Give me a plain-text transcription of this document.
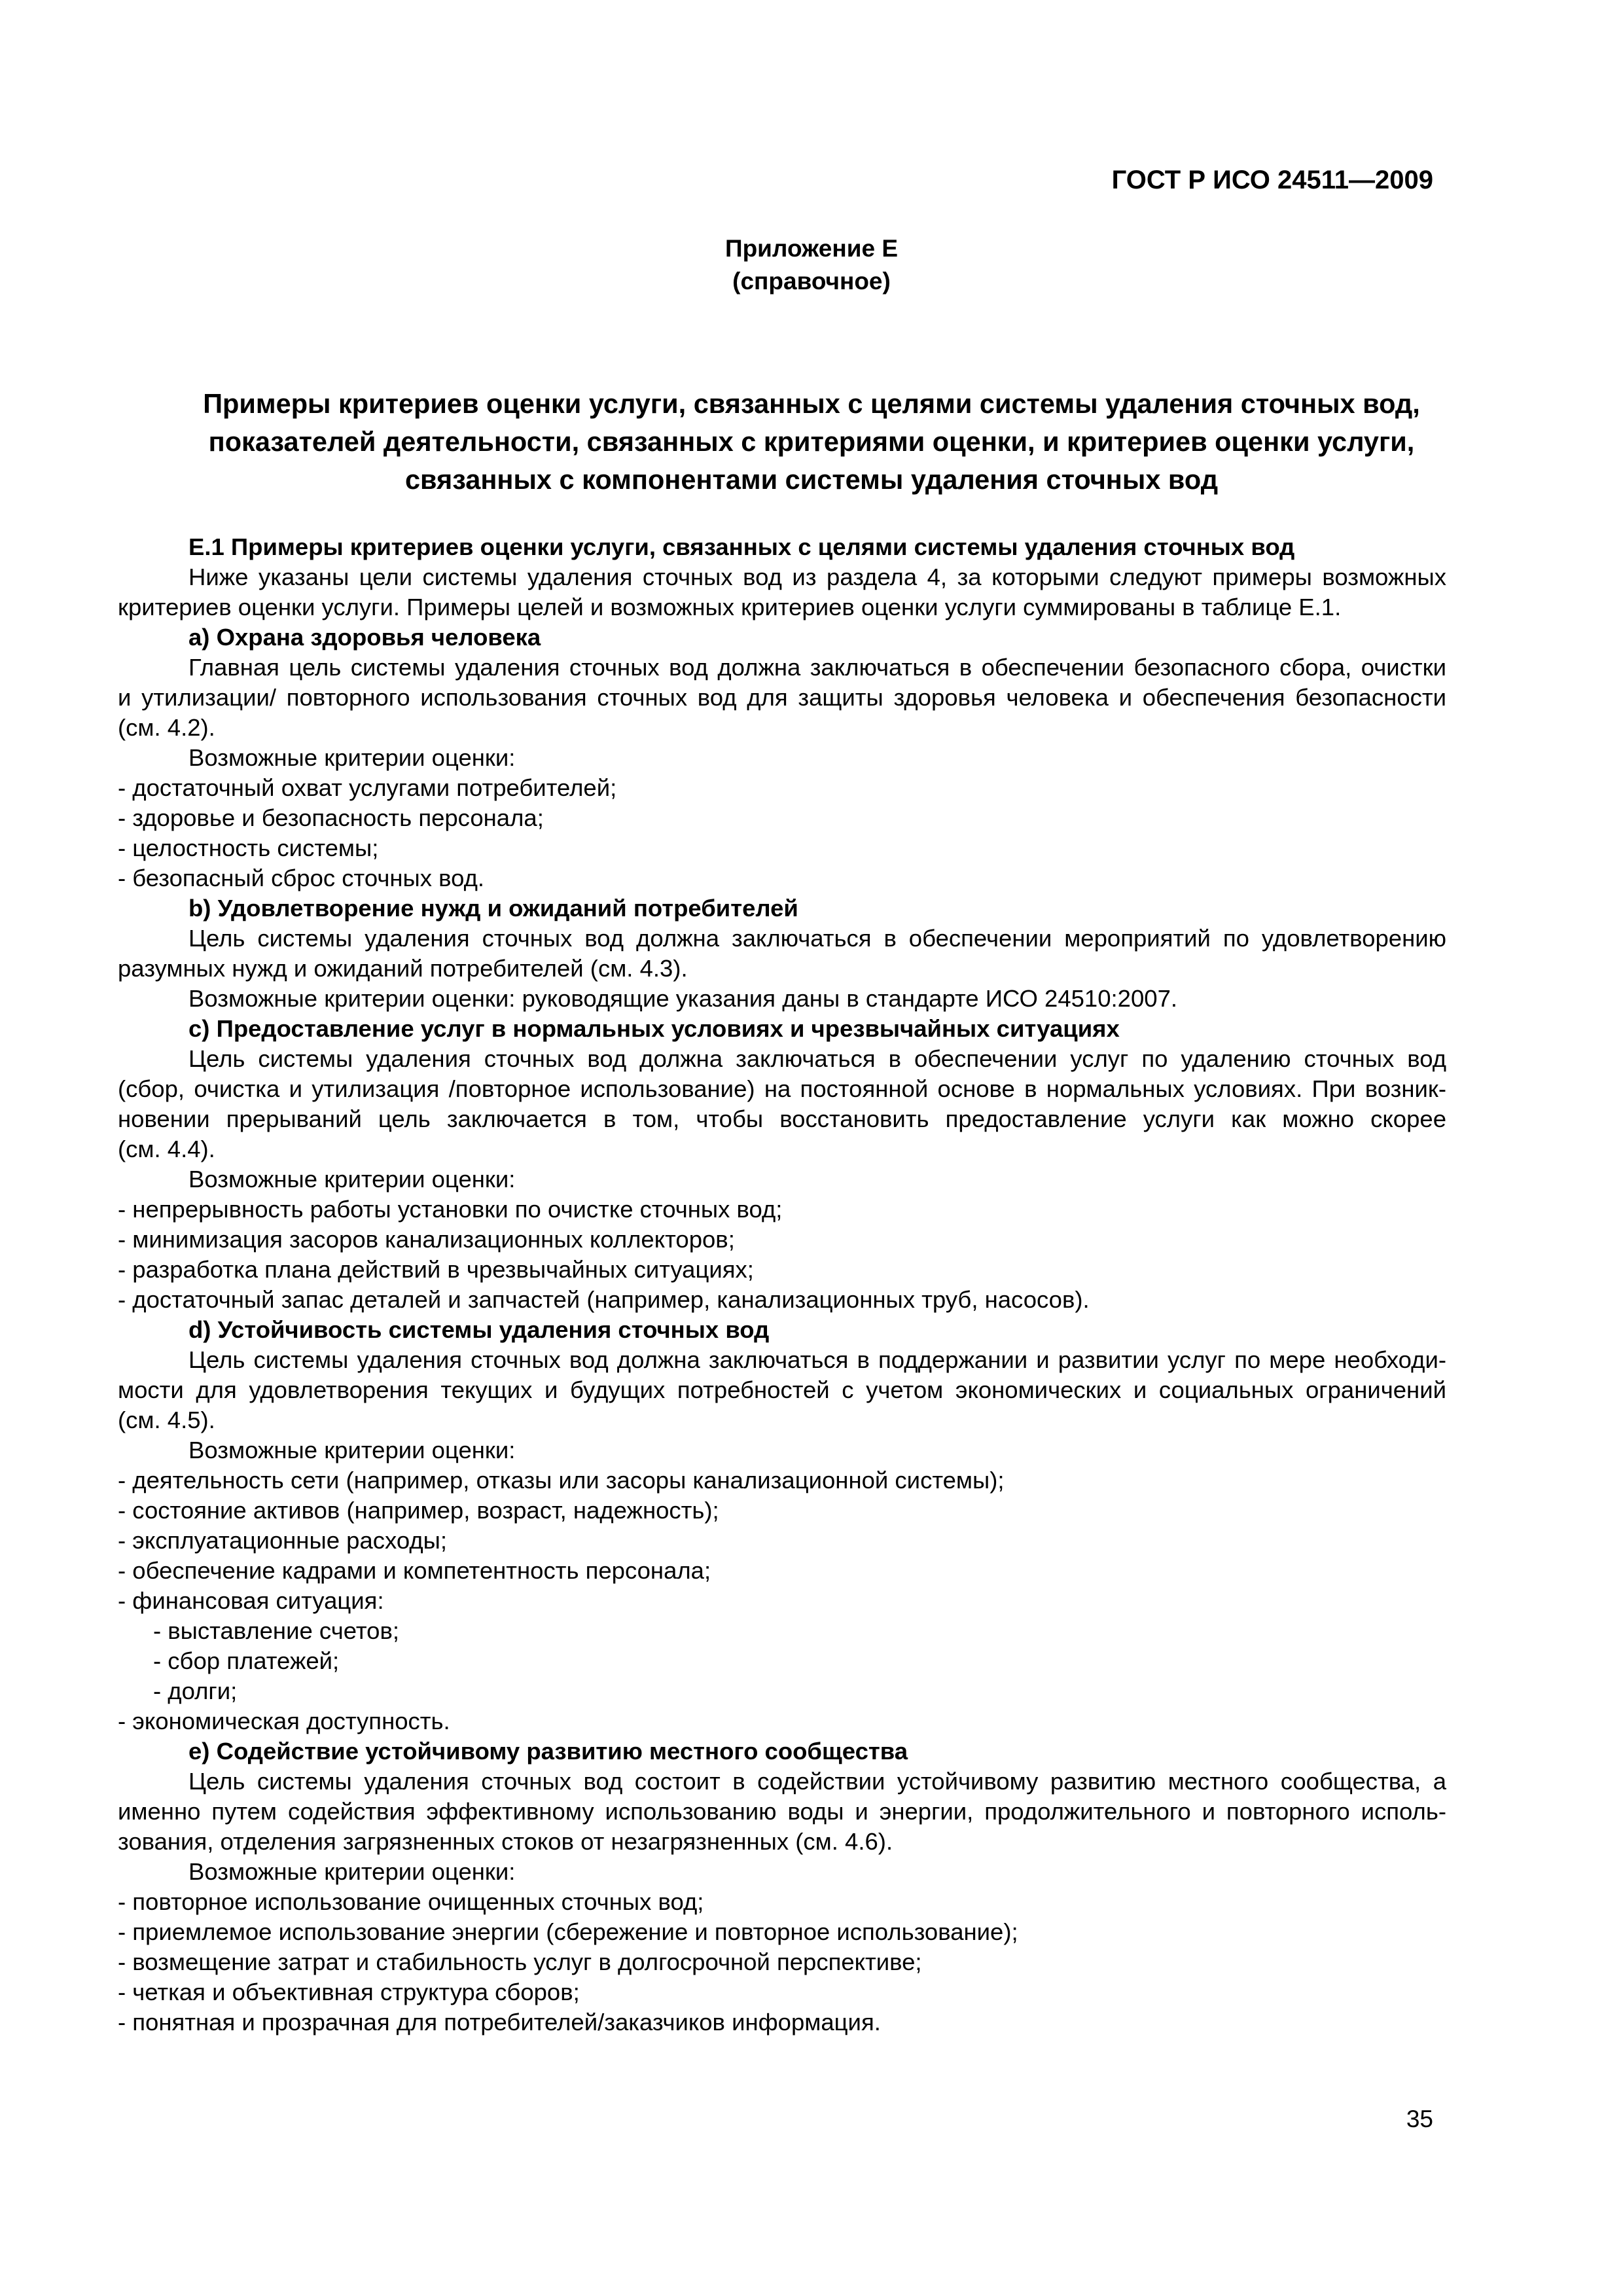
ГОСТ Р ИСО 24511—2009
Приложение Е
(справочное)
Примеры критериев оценки услуги, связанных с целями системы удаления сточных вод,
показателей деятельности, связанных с критериями оценки, и критериев оценки услуги,
связанных с компонентами системы удаления сточных вод
Е.1 Примеры критериев оценки услуги, связанных с целями системы удаления сточных вод
Ниже указаны цели системы удаления сточных вод из раздела 4, за которыми следуют примеры возможных
критериев оценки услуги. Примеры целей и возможных критериев оценки услуги суммированы в таблице Е.1.
a) Охрана здоровья человека
Главная цель системы удаления сточных вод должна заключаться в обеспечении безопасного сбора, очистки
и утилизации/ повторного использования сточных вод для защиты здоровья человека и обеспечения безопасности
(см. 4.2).
Возможные критерии оценки:
- достаточный охват услугами потребителей;
- здоровье и безопасность персонала;
- целостность системы;
- безопасный сброс сточных вод.
b) Удовлетворение нужд и ожиданий потребителей
Цель системы удаления сточных вод должна заключаться в обеспечении мероприятий по удовлетворению
разумных нужд и ожиданий потребителей (см. 4.3).
Возможные критерии оценки: руководящие указания даны в стандарте ИСО 24510:2007.
c) Предоставление услуг в нормальных условиях и чрезвычайных ситуациях
Цель системы удаления сточных вод должна заключаться в обеспечении услуг по удалению сточных вод
(сбор, очистка и утилизация /повторное использование) на постоянной основе в нормальных условиях. При возник-
новении прерываний цель заключается в том, чтобы восстановить предоставление услуги как можно скорее
(см. 4.4).
Возможные критерии оценки:
- непрерывность работы установки по очистке сточных вод;
- минимизация засоров канализационных коллекторов;
- разработка плана действий в чрезвычайных ситуациях;
- достаточный запас деталей и запчастей (например, канализационных труб, насосов).
d) Устойчивость системы удаления сточных вод
Цель системы удаления сточных вод должна заключаться в поддержании и развитии услуг по мере необходи-
мости для удовлетворения текущих и будущих потребностей с учетом экономических и социальных ограничений
(см. 4.5).
Возможные критерии оценки:
- деятельность сети (например, отказы или засоры канализационной системы);
- состояние активов (например, возраст, надежность);
- эксплуатационные расходы;
- обеспечение кадрами и компетентность персонала;
- финансовая ситуация:
- выставление счетов;
- сбор платежей;
- долги;
- экономическая доступность.
e) Содействие устойчивому развитию местного сообщества
Цель системы удаления сточных вод состоит в содействии устойчивому развитию местного сообщества, а
именно путем содействия эффективному использованию воды и энергии, продолжительного и повторного исполь-
зования, отделения загрязненных стоков от незагрязненных (см. 4.6).
Возможные критерии оценки:
- повторное использование очищенных сточных вод;
- приемлемое использование энергии (сбережение и повторное использование);
- возмещение затрат и стабильность услуг в долгосрочной перспективе;
- четкая и объективная структура сборов;
- понятная и прозрачная для потребителей/заказчиков информация.
35
